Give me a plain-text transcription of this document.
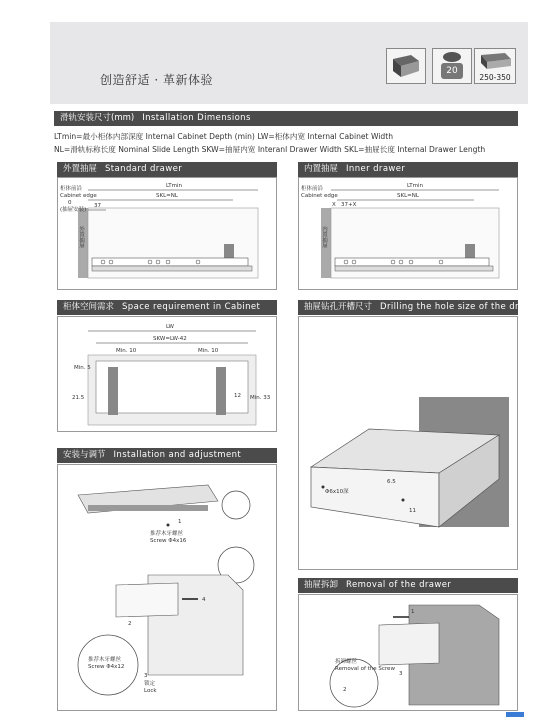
创造舒适 · 革新体验
20
250-350
滑轨安装尺寸(mm) Installation Dimensions
LTmin=最小柜体内部深度 Internal Cabinet Depth (min) LW=柜体内宽 Internal Cabinet Width
NL=滑轨标称长度 Nominal Slide Length SKW=抽屉内宽 Interanl Drawer Width SKL=抽屉长度 Internal Drawer Length
外置抽屉 Standard drawer
LTmin
SKL=NL
柜体前沿
Cabinet edge
0
(抽屉安装)
37
外置抽屉
内置抽屉 Inner drawer
LTmin
SKL=NL
柜体前沿
Cabinet edge
X 37+X
内置抽屉
柜体空间需求 Space requirement in Cabinet
LW
SKW=LW-42
Min. 10	Min. 10
Min. 5
21.5	12 Min. 33
抽屉钻孔开槽尺寸 Drilling the hole size of the drawer
6.5
11
Φ6x10深
安装与调节 Installation and adjustment
1
推荐木牙螺丝
Screw Φ4x16
2
4
推荐木牙螺丝
Screw Φ4x12
3
锁定
Lock
抽屉拆卸 Removal of the drawer
1
拆卸螺丝
Removal of the Screw
2
3
